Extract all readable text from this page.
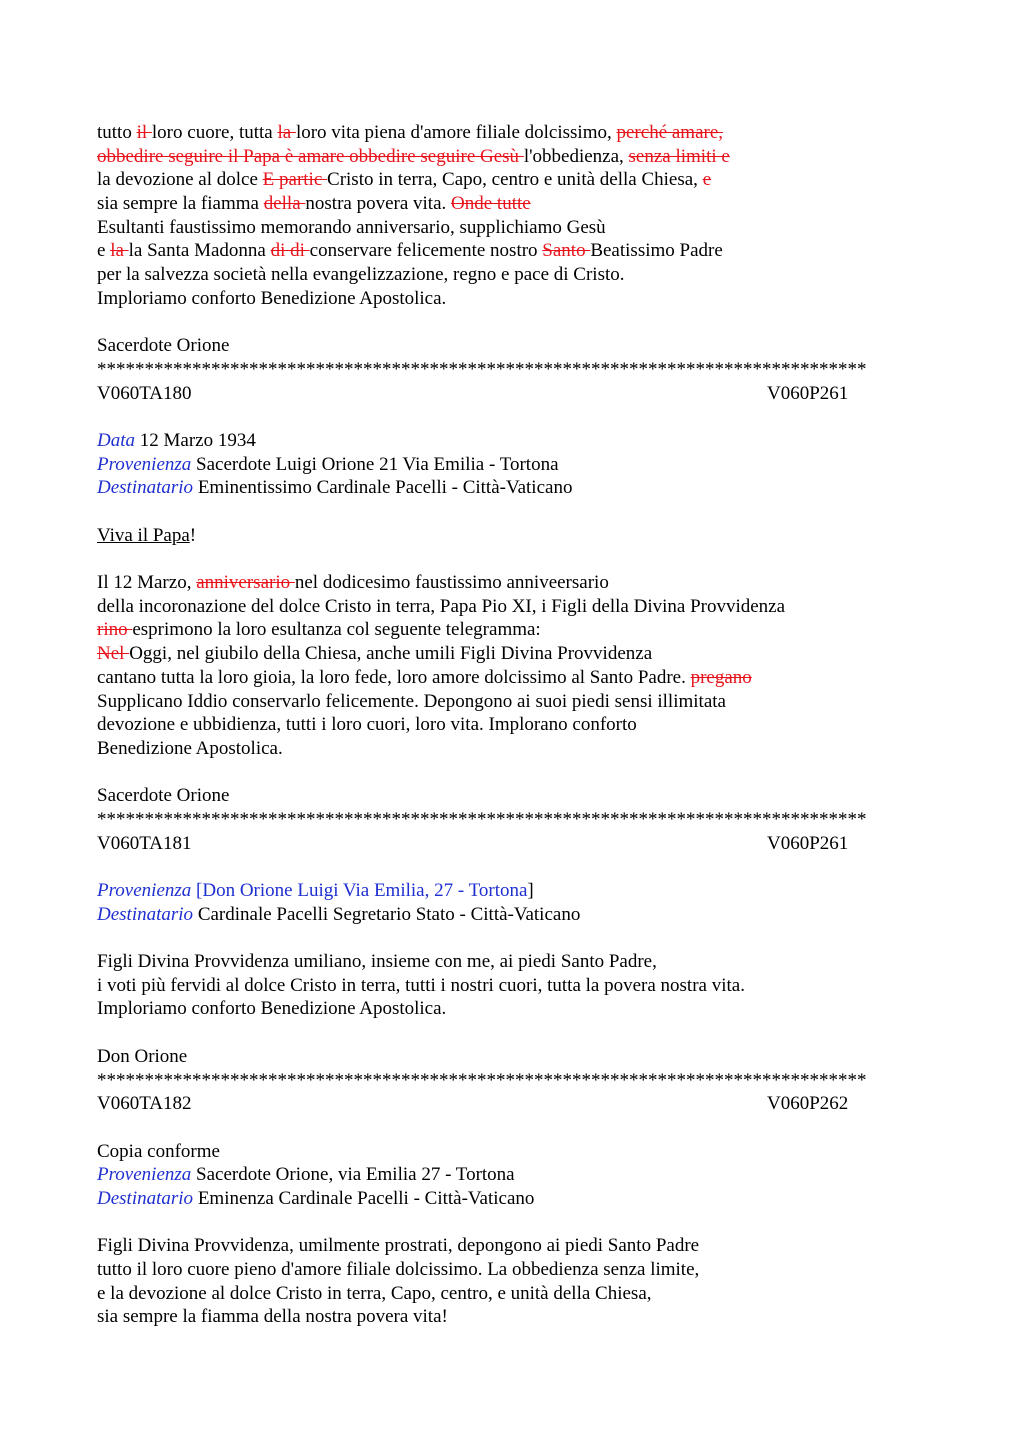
tutto il loro cuore, tutta la loro vita piena d'amore filiale dolcissimo, perché amare,
obbedire seguire il Papa è amare obbedire seguire Gesù l'obbedienza, senza limiti e
la devozione al dolce E partic Cristo in terra, Capo, centro e unità della Chiesa, e
sia sempre la fiamma della nostra povera vita. Onde tutte
Esultanti faustissimo memorando anniversario, supplichiamo Gesù
e la la Santa Madonna di di conservare felicemente nostro Santo Beatissimo Padre
per la salvezza società nella evangelizzazione, regno e pace di Cristo.
Imploriamo conforto Benedizione Apostolica.
Sacerdote Orione
*********************************************************************************
V060TA180	V060P261
Data 12 Marzo 1934
Provenienza Sacerdote Luigi Orione 21 Via Emilia - Tortona
Destinatario Eminentissimo Cardinale Pacelli - Città-Vaticano
Viva il Papa!
Il 12 Marzo, anniversario nel dodicesimo faustissimo anniveersario
della incoronazione del dolce Cristo in terra, Papa Pio XI, i Figli della Divina Provvidenza
rino esprimono la loro esultanza col seguente telegramma:
Nel Oggi, nel giubilo della Chiesa, anche umili Figli Divina Provvidenza
cantano tutta la loro gioia, la loro fede, loro amore dolcissimo al Santo Padre. pregano
Supplicano Iddio conservarlo felicemente. Depongono ai suoi piedi sensi illimitata
devozione e ubbidienza, tutti i loro cuori, loro vita. Implorano conforto
Benedizione Apostolica.
Sacerdote Orione
*********************************************************************************
V060TA181	V060P261
Provenienza [Don Orione Luigi Via Emilia, 27 - Tortona]
Destinatario Cardinale Pacelli Segretario Stato - Città-Vaticano
Figli Divina Provvidenza umiliano, insieme con me, ai piedi Santo Padre,
i voti più fervidi al dolce Cristo in terra, tutti i nostri cuori, tutta la povera nostra vita.
Imploriamo conforto Benedizione Apostolica.
Don Orione
*********************************************************************************
V060TA182	V060P262
Copia conforme
Provenienza Sacerdote Orione, via Emilia 27 - Tortona
Destinatario Eminenza Cardinale Pacelli - Città-Vaticano
Figli Divina Provvidenza, umilmente prostrati, depongono ai piedi Santo Padre
tutto il loro cuore pieno d'amore filiale dolcissimo. La obbedienza senza limite,
e la devozione al dolce Cristo in terra, Capo, centro, e unità della Chiesa,
sia sempre la fiamma della nostra povera vita!
